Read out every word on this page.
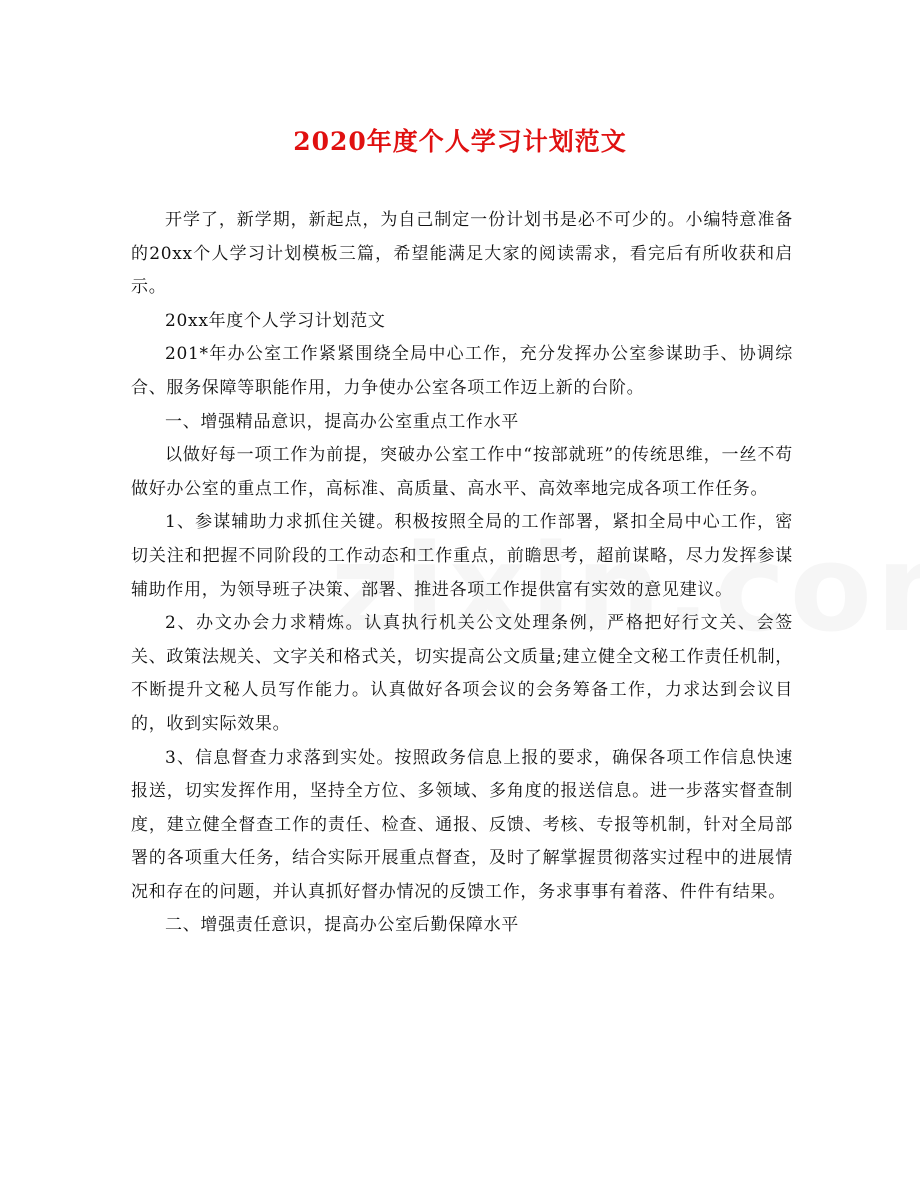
2020年度个人学习计划范文

开学了，新学期，新起点，为自己制定一份计划书是必不可少的。小编特意准备的20xx个人学习计划模板三篇，希望能满足大家的阅读需求，看完后有所收获和启示。

20xx年度个人学习计划范文

201*年办公室工作紧紧围绕全局中心工作，充分发挥办公室参谋助手、协调综合、服务保障等职能作用，力争使办公室各项工作迈上新的台阶。

一、增强精品意识，提高办公室重点工作水平

以做好每一项工作为前提，突破办公室工作中“按部就班”的传统思维，一丝不苟做好办公室的重点工作，高标准、高质量、高水平、高效率地完成各项工作任务。

1、参谋辅助力求抓住关键。积极按照全局的工作部署，紧扣全局中心工作，密切关注和把握不同阶段的工作动态和工作重点，前瞻思考，超前谋略，尽力发挥参谋辅助作用，为领导班子决策、部署、推进各项工作提供富有实效的意见建议。

2、办文办会力求精炼。认真执行机关公文处理条例，严格把好行文关、会签关、政策法规关、文字关和格式关，切实提高公文质量;建立健全文秘工作责任机制，不断提升文秘人员写作能力。认真做好各项会议的会务筹备工作，力求达到会议目的，收到实际效果。

3、信息督查力求落到实处。按照政务信息上报的要求，确保各项工作信息快速报送，切实发挥作用，坚持全方位、多领域、多角度的报送信息。进一步落实督查制度，建立健全督查工作的责任、检查、通报、反馈、考核、专报等机制，针对全局部署的各项重大任务，结合实际开展重点督查，及时了解掌握贯彻落实过程中的进展情况和存在的问题，并认真抓好督办情况的反馈工作，务求事事有着落、件件有结果。

二、增强责任意识，提高办公室后勤保障水平
